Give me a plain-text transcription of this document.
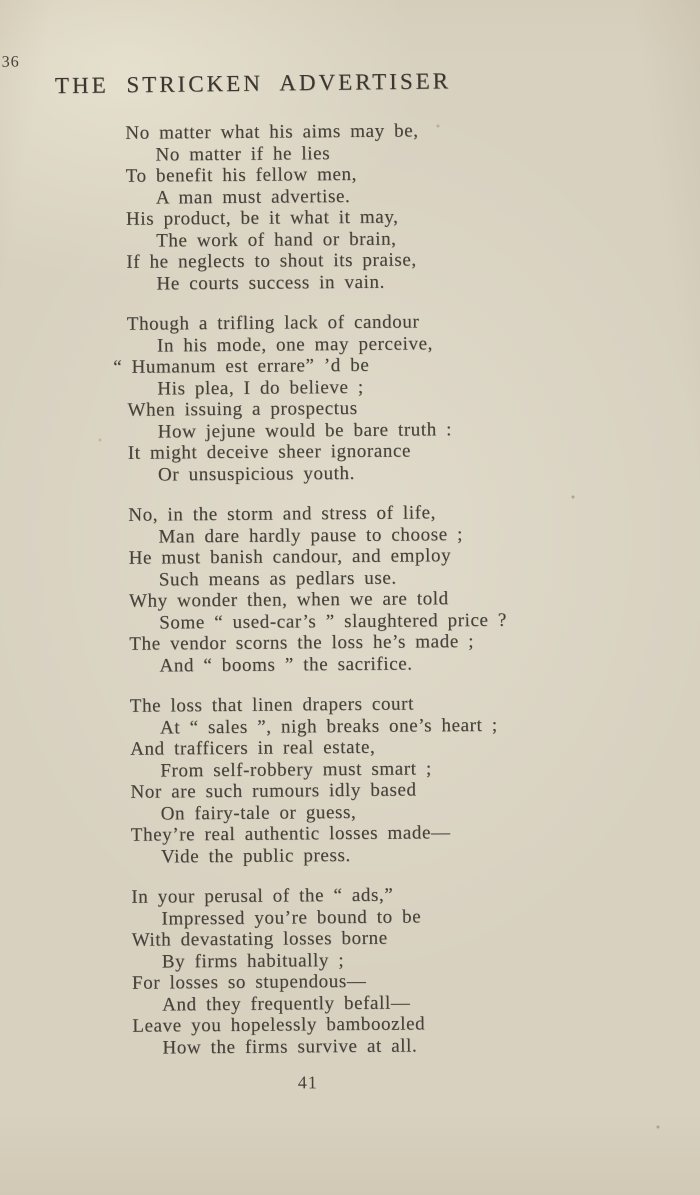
36
THE STRICKEN ADVERTISER
No matter what his aims may be,
No matter if he lies
To benefit his fellow men,
A man must advertise.
His product, be it what it may,
The work of hand or brain,
If he neglects to shout its praise,
He courts success in vain.
Though a trifling lack of candour
In his mode, one may perceive,
“ Humanum est errare” ’d be
His plea, I do believe ;
When issuing a prospectus
How jejune would be bare truth :
It might deceive sheer ignorance
Or unsuspicious youth.
No, in the storm and stress of life,
Man dare hardly pause to choose ;
He must banish candour, and employ
Such means as pedlars use.
Why wonder then, when we are told
Some “ used-car’s ” slaughtered price ?
The vendor scorns the loss he’s made ;
And “ booms ” the sacrifice.
The loss that linen drapers court
At “ sales ”, nigh breaks one’s heart ;
And trafficers in real estate,
From self-robbery must smart ;
Nor are such rumours idly based
On fairy-tale or guess,
They’re real authentic losses made—
Vide the public press.
In your perusal of the “ ads,”
Impressed you’re bound to be
With devastating losses borne
By firms habitually ;
For losses so stupendous—
And they frequently befall—
Leave you hopelessly bamboozled
How the firms survive at all.
41
